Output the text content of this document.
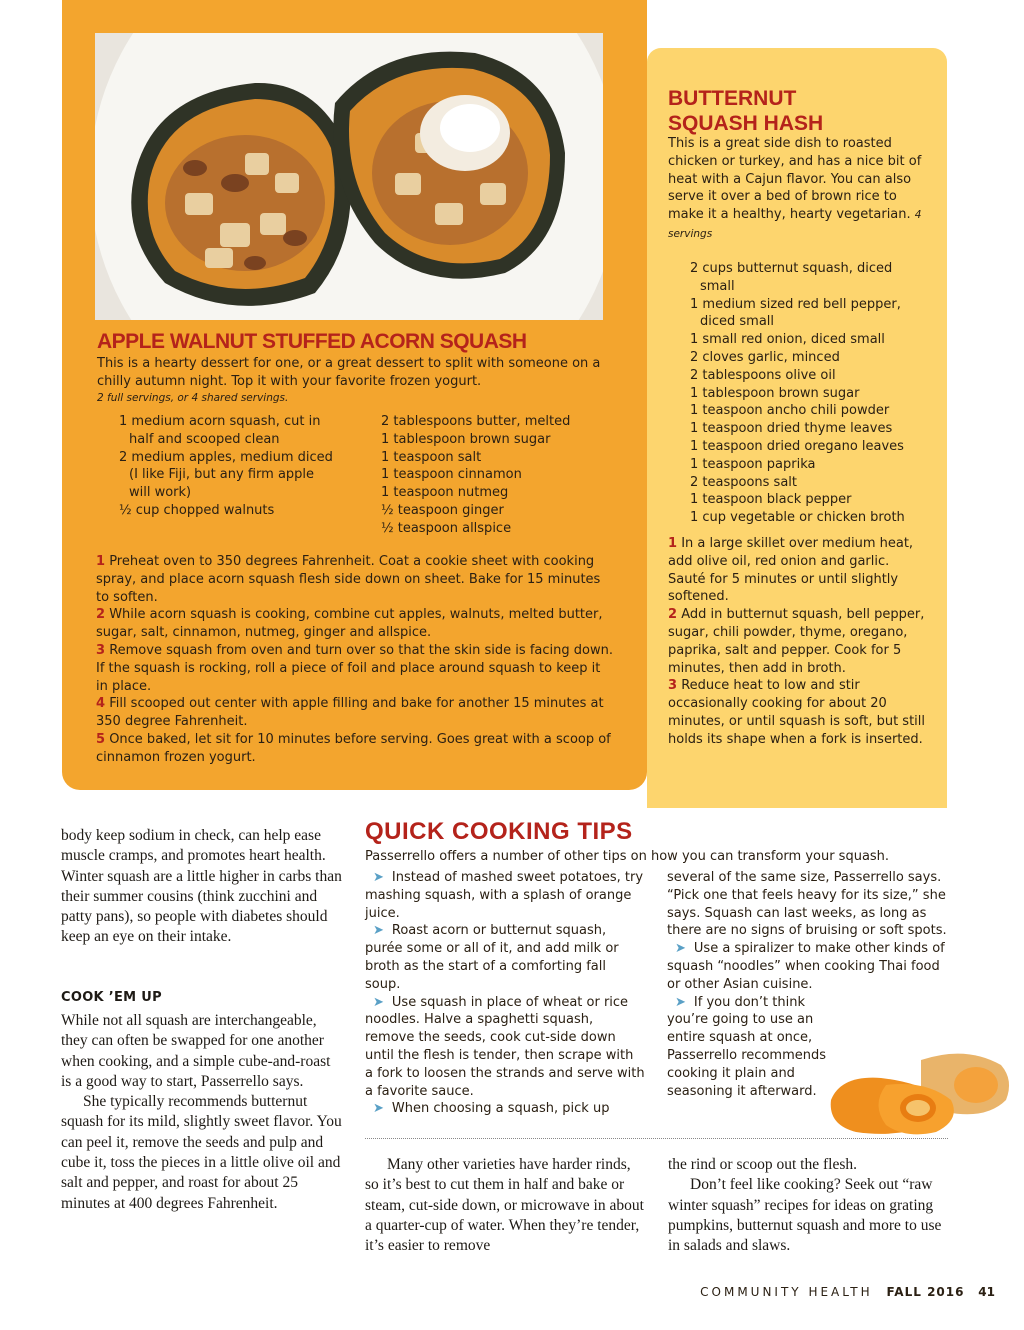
APPLE WALNUT STUFFED ACORN SQUASH
This is a hearty dessert for one, or a great dessert to split with someone on a chilly autumn night. Top it with your favorite frozen yogurt.
2 full servings, or 4 shared servings.
1 medium acorn squash, cut in half and scooped clean
2 medium apples, medium diced (I like Fiji, but any firm apple will work)
½ cup chopped walnuts
2 tablespoons butter, melted
1 tablespoon brown sugar
1 teaspoon salt
1 teaspoon cinnamon
1 teaspoon nutmeg
½ teaspoon ginger
½ teaspoon allspice
1 Preheat oven to 350 degrees Fahrenheit. Coat a cookie sheet with cooking spray, and place acorn squash flesh side down on sheet. Bake for 15 minutes to soften.
2 While acorn squash is cooking, combine cut apples, walnuts, melted butter, sugar, salt, cinnamon, nutmeg, ginger and allspice.
3 Remove squash from oven and turn over so that the skin side is facing down. If the squash is rocking, roll a piece of foil and place around squash to keep it in place.
4 Fill scooped out center with apple filling and bake for another 15 minutes at 350 degree Fahrenheit.
5 Once baked, let sit for 10 minutes before serving. Goes great with a scoop of cinnamon frozen yogurt.
BUTTERNUT
SQUASH HASH
This is a great side dish to roasted chicken or turkey, and has a nice bit of heat with a Cajun flavor. You can also serve it over a bed of brown rice to make it a healthy, hearty vegetarian. 4 servings
2 cups butternut squash, diced small
1 medium sized red bell pepper, diced small
1 small red onion, diced small
2 cloves garlic, minced
2 tablespoons olive oil
1 tablespoon brown sugar
1 teaspoon ancho chili powder
1 teaspoon dried thyme leaves
1 teaspoon dried oregano leaves
1 teaspoon paprika
2 teaspoons salt
1 teaspoon black pepper
1 cup vegetable or chicken broth
1 In a large skillet over medium heat, add olive oil, red onion and garlic. Sauté for 5 minutes or until slightly softened.
2 Add in butternut squash, bell pepper, sugar, chili powder, thyme, oregano, paprika, salt and pepper. Cook for 5 minutes, then add in broth.
3 Reduce heat to low and stir occasionally cooking for about 20 minutes, or until squash is soft, but still holds its shape when a fork is inserted.
body keep sodium in check, can help ease muscle cramps, and promotes heart health. Winter squash are a little higher in carbs than their summer cousins (think zucchini and patty pans), so people with diabetes should keep an eye on their intake.
COOK ’EM UP
While not all squash are interchangeable, they can often be swapped for one another when cooking, and a simple cube-and-roast is a good way to start, Passerrello says.
She typically recommends butternut squash for its mild, slightly sweet flavor. You can peel it, remove the seeds and pulp and cube it, toss the pieces in a little olive oil and salt and pepper, and roast for about 25 minutes at 400 degrees Fahrenheit.
QUICK COOKING TIPS
Passerrello offers a number of other tips on how you can transform your squash.

➤ Instead of mashed sweet potatoes, try mashing squash, with a splash of orange juice.

➤ Roast acorn or butternut squash, purée some or all of it, and add milk or broth as the start of a comforting fall soup.

➤ Use squash in place of wheat or rice noodles. Halve a spaghetti squash, remove the seeds, cook cut-side down until the flesh is tender, then scrape with a fork to loosen the strands and serve with a favorite sauce.

➤ When choosing a squash, pick up

several of the same size, Passerrello says. “Pick one that feels heavy for its size,” she says. Squash can last weeks, as long as there are no signs of bruising or soft spots.

➤ Use a spiralizer to make other kinds of squash “noodles” when cooking Thai food or other Asian cuisine.

➤ If you don’t think you’re going to use an entire squash at once, Passerrello recommends cooking it plain and seasoning it afterward.

Many other varieties have harder rinds, so it’s best to cut them in half and bake or steam, cut-side down, or microwave in about a quarter-cup of water. When they’re tender, it’s easier to remove
the rind or scoop out the flesh.
Don’t feel like cooking? Seek out “raw winter squash” recipes for ideas on grating pumpkins, butternut squash and more to use in salads and slaws.
COMMUNITY HEALTH FALL 2016 41
